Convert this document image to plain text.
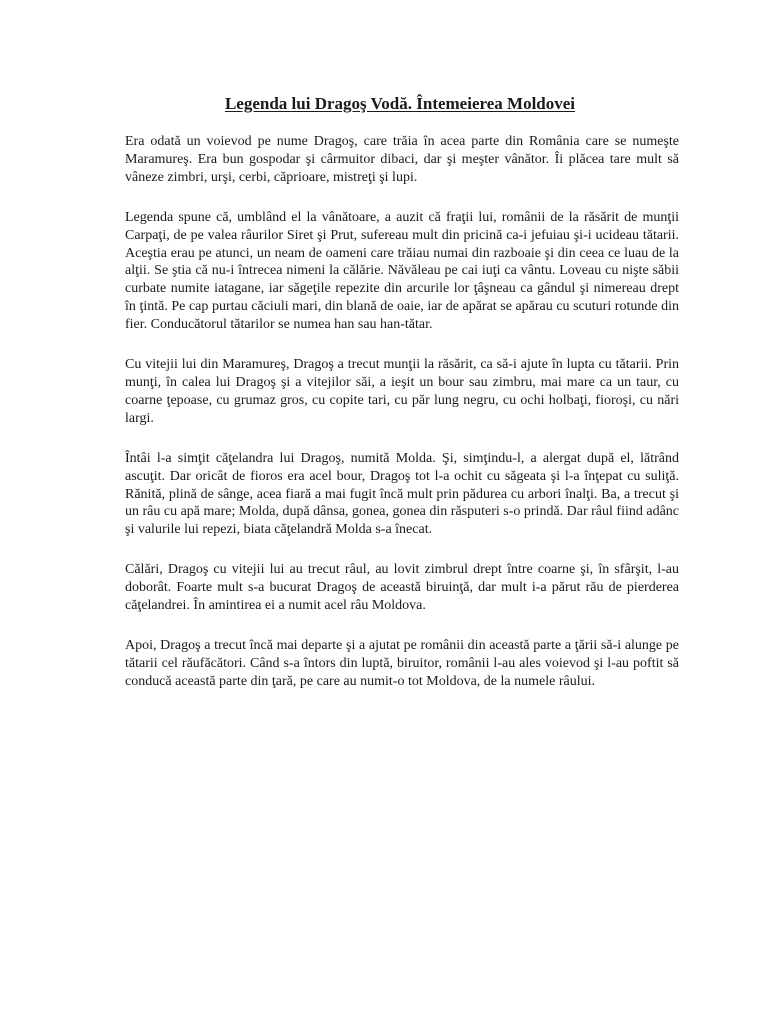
Legenda lui Dragoş Vodă. Întemeierea Moldovei

Era odată un voievod pe nume Dragoş, care trăia în acea parte din România care se numeşte Maramureş. Era bun gospodar şi cârmuitor dibaci, dar şi meşter vânător. Îi plăcea tare mult să vâneze zimbri, urşi, cerbi, căprioare, mistreţi şi lupi.

Legenda spune că, umblând el la vânătoare, a auzit că fraţii lui, românii de la răsărit de munţii Carpaţi, de pe valea râurilor Siret şi Prut, sufereau mult din pricină ca-i jefuiau şi-i ucideau tătarii. Aceştia erau pe atunci, un neam de oameni care trăiau numai din razboaie şi din ceea ce luau de la alţii. Se ştia că nu-i întrecea nimeni la călărie. Năvăleau pe cai iuţi ca vântu. Loveau cu nişte săbii curbate numite iatagane, iar săgeţile repezite din arcurile lor ţâşneau ca gândul şi nimereau drept în ţintă. Pe cap purtau căciuli mari, din blană de oaie, iar de apărat se apărau cu scuturi rotunde din fier. Conducătorul tătarilor se numea han sau han-tătar.

Cu vitejii lui din Maramureş, Dragoş a trecut munţii la răsărit, ca să-i ajute în lupta cu tătarii. Prin munţi, în calea lui Dragoş şi a vitejilor săi, a ieşit un bour sau zimbru, mai mare ca un taur, cu coarne ţepoase, cu grumaz gros, cu copite tari, cu păr lung negru, cu ochi holbaţi, fioroşi, cu nări largi.

Întâi l-a simţit căţelandra lui Dragoş, numită Molda. Şi, simţindu-l, a alergat după el, lătrând ascuţit. Dar oricât de fioros era acel bour, Dragoş tot l-a ochit cu săgeata şi l-a înţepat cu suliţă. Rănită, plină de sânge, acea fiară a mai fugit încă mult prin pădurea cu arbori înalţi. Ba, a trecut şi un râu cu apă mare; Molda, după dânsa, gonea, gonea din răsputeri s-o prindă. Dar râul fiind adânc şi valurile lui repezi, biata căţelandră Molda s-a înecat.

Călări, Dragoş cu vitejii lui au trecut râul, au lovit zimbrul drept între coarne şi, în sfârşit, l-au doborât. Foarte mult s-a bucurat Dragoş de această biruinţă, dar mult i-a părut rău de pierderea căţelandrei. În amintirea ei a numit acel râu Moldova.

Apoi, Dragoş a trecut încă mai departe şi a ajutat pe românii din această parte a ţării să-i alunge pe tătarii cel răufăcători. Când s-a întors din luptă, biruitor, românii l-au ales voievod şi l-au poftit să conducă această parte din ţară, pe care au numit-o tot Moldova, de la numele râului.
